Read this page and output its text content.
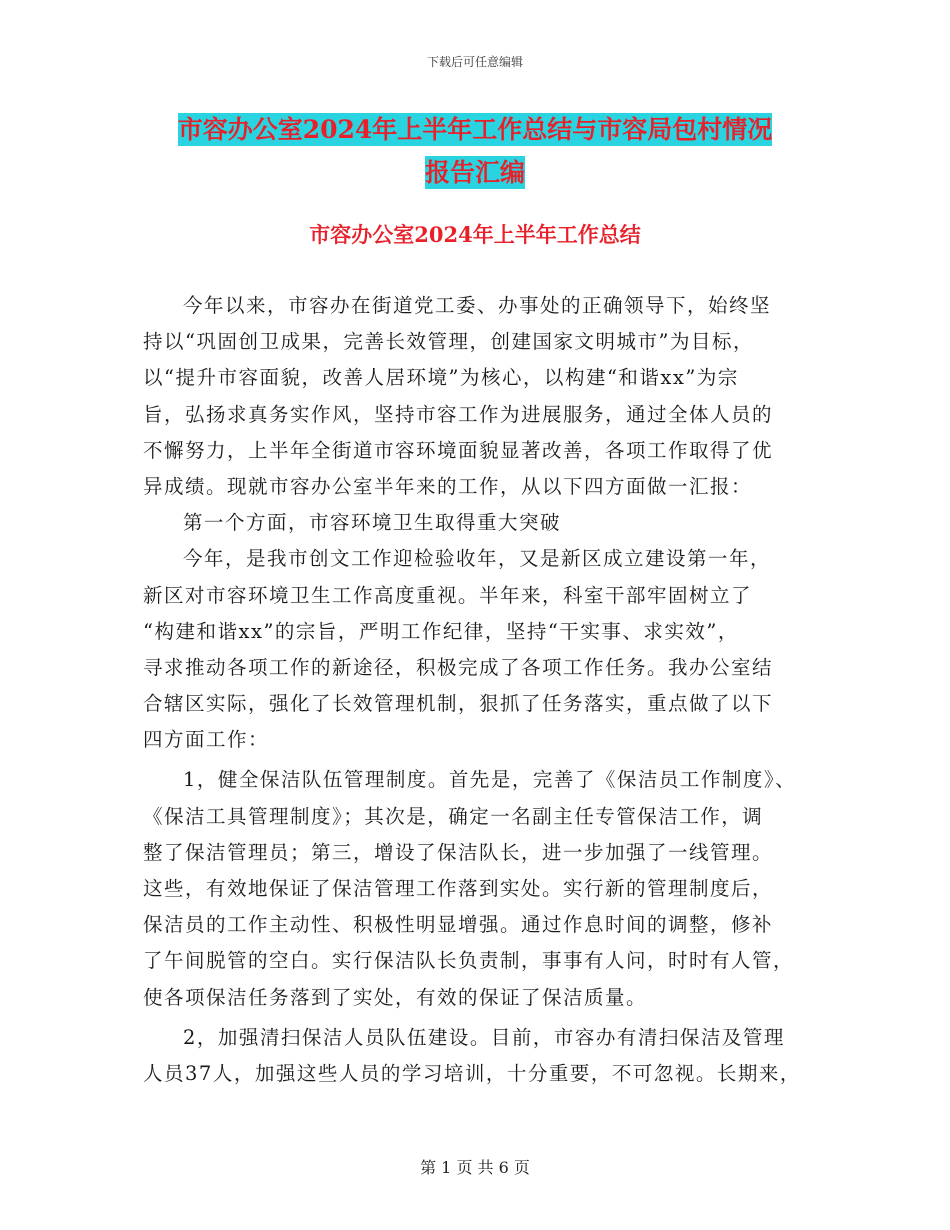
下载后可任意编辑
市容办公室2024年上半年工作总结与市容局包村情况
报告汇编
市容办公室2024年上半年工作总结
今年以来，市容办在街道党工委、办事处的正确领导下，始终坚
持以“巩固创卫成果，完善长效管理，创建国家文明城市”为目标，
以“提升市容面貌，改善人居环境”为核心，以构建“和谐xx”为宗
旨，弘扬求真务实作风，坚持市容工作为进展服务，通过全体人员的
不懈努力，上半年全街道市容环境面貌显著改善，各项工作取得了优
异成绩。现就市容办公室半年来的工作，从以下四方面做一汇报：
第一个方面，市容环境卫生取得重大突破
今年，是我市创文工作迎检验收年，又是新区成立建设第一年，
新区对市容环境卫生工作高度重视。半年来，科室干部牢固树立了
“构建和谐xx”的宗旨，严明工作纪律，坚持“干实事、求实效”，
寻求推动各项工作的新途径，积极完成了各项工作任务。我办公室结
合辖区实际，强化了长效管理机制，狠抓了任务落实，重点做了以下
四方面工作：
1，健全保洁队伍管理制度。首先是，完善了《保洁员工作制度》、
《保洁工具管理制度》；其次是，确定一名副主任专管保洁工作，调
整了保洁管理员；第三，增设了保洁队长，进一步加强了一线管理。
这些，有效地保证了保洁管理工作落到实处。实行新的管理制度后，
保洁员的工作主动性、积极性明显增强。通过作息时间的调整，修补
了午间脱管的空白。实行保洁队长负责制，事事有人问，时时有人管，
使各项保洁任务落到了实处，有效的保证了保洁质量。
2，加强清扫保洁人员队伍建设。目前，市容办有清扫保洁及管理
人员37人，加强这些人员的学习培训，十分重要，不可忽视。长期来，
第 1 页 共 6 页
